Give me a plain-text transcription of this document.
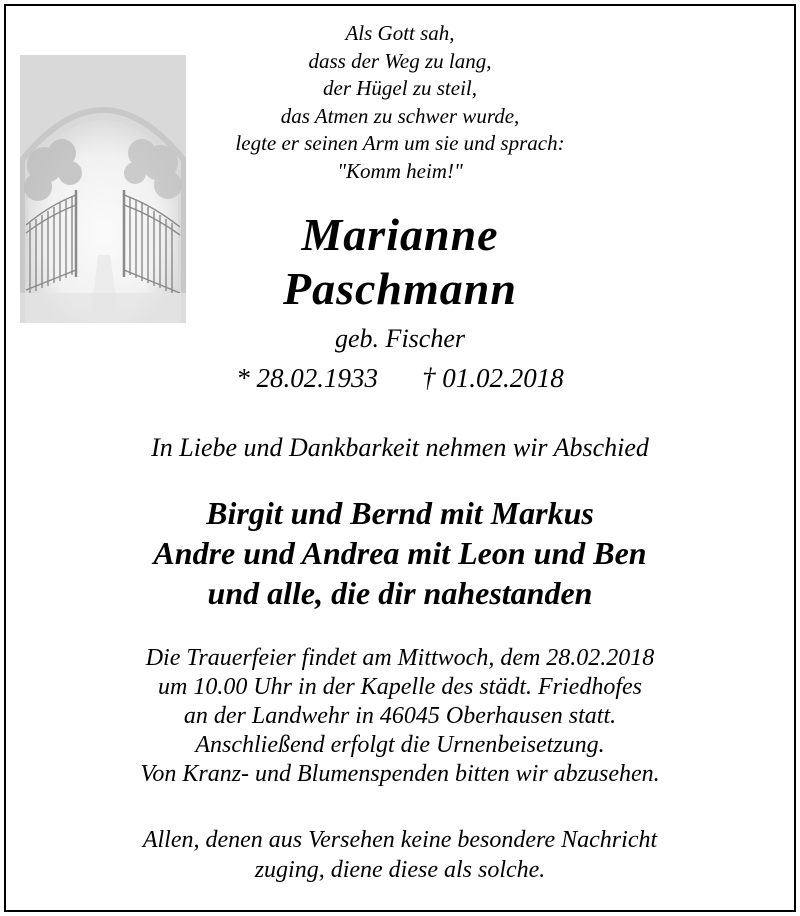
Als Gott sah,
dass der Weg zu lang,
der Hügel zu steil,
das Atmen zu schwer wurde,
legte er seinen Arm um sie und sprach:
"Komm heim!"
Marianne
Paschmann
geb. Fischer
* 28.02.1933 † 01.02.2018
In Liebe und Dankbarkeit nehmen wir Abschied
Birgit und Bernd mit Markus
Andre und Andrea mit Leon und Ben
und alle, die dir nahestanden
Die Trauerfeier findet am Mittwoch, dem 28.02.2018
um 10.00 Uhr in der Kapelle des städt. Friedhofes
an der Landwehr in 46045 Oberhausen statt.
Anschließend erfolgt die Urnenbeisetzung.
Von Kranz- und Blumenspenden bitten wir abzusehen.
Allen, denen aus Versehen keine besondere Nachricht
zuging, diene diese als solche.
